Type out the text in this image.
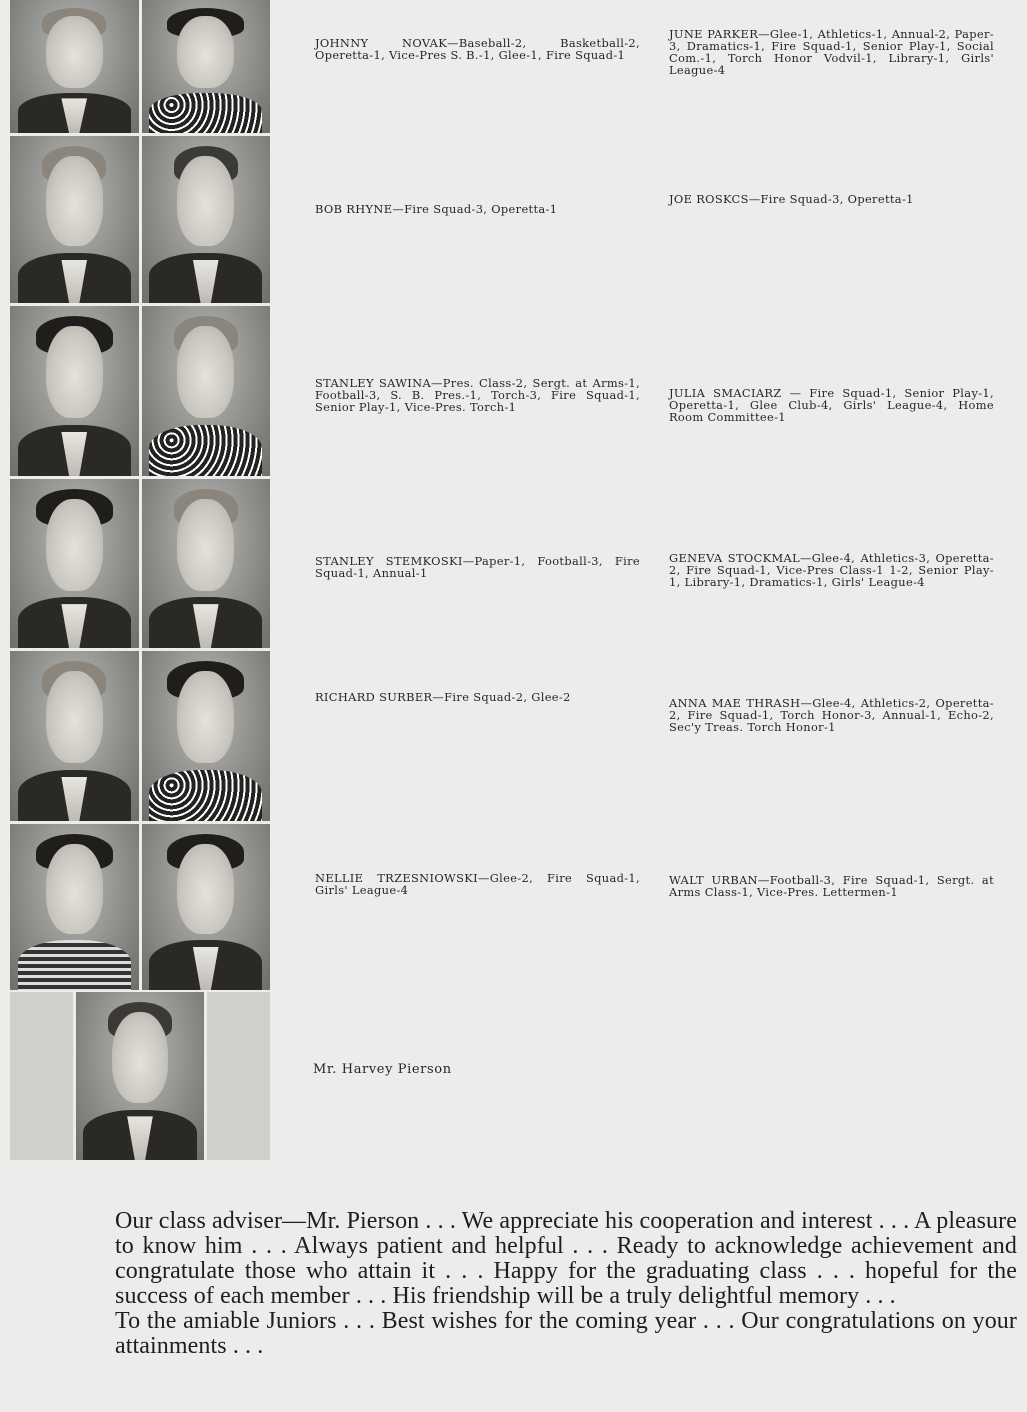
JOHNNY NOVAK—Baseball-2, Basketball-2, Operetta-1, Vice-Pres S. B.-1, Glee-1, Fire Squad-1
JUNE PARKER—Glee-1, Athletics-1, Annual-2, Paper-3, Dramatics-1, Fire Squad-1, Senior Play-1, Social Com.-1, Torch Honor Vodvil-1, Library-1, Girls' League-4
BOB RHYNE—Fire Squad-3, Operetta-1
JOE ROSKCS—Fire Squad-3, Operetta-1
STANLEY SAWINA—Pres. Class-2, Sergt. at Arms-1, Football-3, S. B. Pres.-1, Torch-3, Fire Squad-1, Senior Play-1, Vice-Pres. Torch-1
JULIA SMACIARZ — Fire Squad-1, Senior Play-1, Operetta-1, Glee Club-4, Girls' League-4, Home Room Committee-1
STANLEY STEMKOSKI—Paper-1, Football-3, Fire Squad-1, Annual-1
GENEVA STOCKMAL—Glee-4, Athletics-3, Operetta-2, Fire Squad-1, Vice-Pres Class-1 1-2, Senior Play-1, Library-1, Dramatics-1, Girls' League-4
RICHARD SURBER—Fire Squad-2, Glee-2	ANNA MAE THRASH—Glee-4, Athletics-2, Operetta-2, Fire Squad-1, Torch Honor-3, Annual-1, Echo-2, Sec'y Treas. Torch Honor-1
NELLIE TRZESNIOWSKI—Glee-2, Fire Squad-1, Girls' League-4
WALT URBAN—Football-3, Fire Squad-1, Sergt. at Arms Class-1, Vice-Pres. Lettermen-1
Mr. Harvey Pierson

Our class adviser—Mr. Pierson . . . We appreciate his cooperation and interest . . . A pleasure to know him . . . Always patient and helpful . . . Ready to acknowledge achievement and congratulate those who attain it . . . Happy for the graduating class . . . hopeful for the success of each member . . . His friendship will be a truly delightful memory . . .

To the amiable Juniors . . . Best wishes for the coming year . . . Our congratulations on your attainments . . .
